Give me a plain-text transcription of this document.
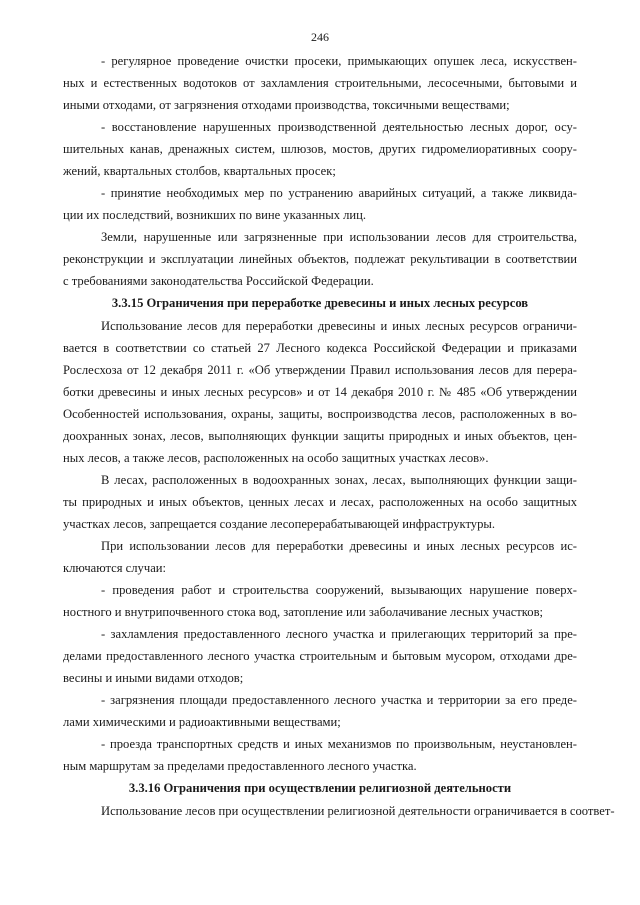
246
- регулярное проведение очистки просеки, примыкающих опушек леса, искусствен-
ных и естественных водотоков от захламления строительными, лесосечными, бытовыми и
иными отходами, от загрязнения отходами производства, токсичными веществами;
- восстановление нарушенных производственной деятельностью лесных дорог, осу-
шительных канав, дренажных систем, шлюзов, мостов, других гидромелиоративных соору-
жений, квартальных столбов, квартальных просек;
- принятие необходимых мер по устранению аварийных ситуаций, а также ликвида-
ции их последствий, возникших по вине указанных лиц.
Земли, нарушенные или загрязненные при использовании лесов для строительства,
реконструкции и эксплуатации линейных объектов, подлежат рекультивации в соответствии
с требованиями законодательства Российской Федерации.
3.3.15 Ограничения при переработке древесины и иных лесных ресурсов
Использование лесов для переработки древесины и иных лесных ресурсов ограничи-
вается в соответствии со статьей 27 Лесного кодекса Российской Федерации и приказами
Рослесхоза от 12 декабря 2011 г. «Об утверждении Правил использования лесов для перера-
ботки древесины и иных лесных ресурсов» и от 14 декабря 2010 г. № 485 «Об утверждении
Особенностей использования, охраны, защиты, воспроизводства лесов, расположенных в во-
доохранных зонах, лесов, выполняющих функции защиты природных и иных объектов, цен-
ных лесов, а также лесов, расположенных на особо защитных участках лесов».
В лесах, расположенных в водоохранных зонах, лесах, выполняющих функции защи-
ты природных и иных объектов, ценных лесах и лесах, расположенных на особо защитных
участках лесов, запрещается создание лесоперерабатывающей инфраструктуры.
При использовании лесов для переработки древесины и иных лесных ресурсов ис-
ключаются случаи:
- проведения работ и строительства сооружений, вызывающих нарушение поверх-
ностного и внутрипочвенного стока вод, затопление или заболачивание лесных участков;
- захламления предоставленного лесного участка и прилегающих территорий за пре-
делами предоставленного лесного участка строительным и бытовым мусором, отходами дре-
весины и иными видами отходов;
- загрязнения площади предоставленного лесного участка и территории за его преде-
лами химическими и радиоактивными веществами;
- проезда транспортных средств и иных механизмов по произвольным, неустановлен-
ным маршрутам за пределами предоставленного лесного участка.
3.3.16 Ограничения при осуществлении религиозной деятельности
Использование лесов при осуществлении религиозной деятельности ограничивается в соответ-
